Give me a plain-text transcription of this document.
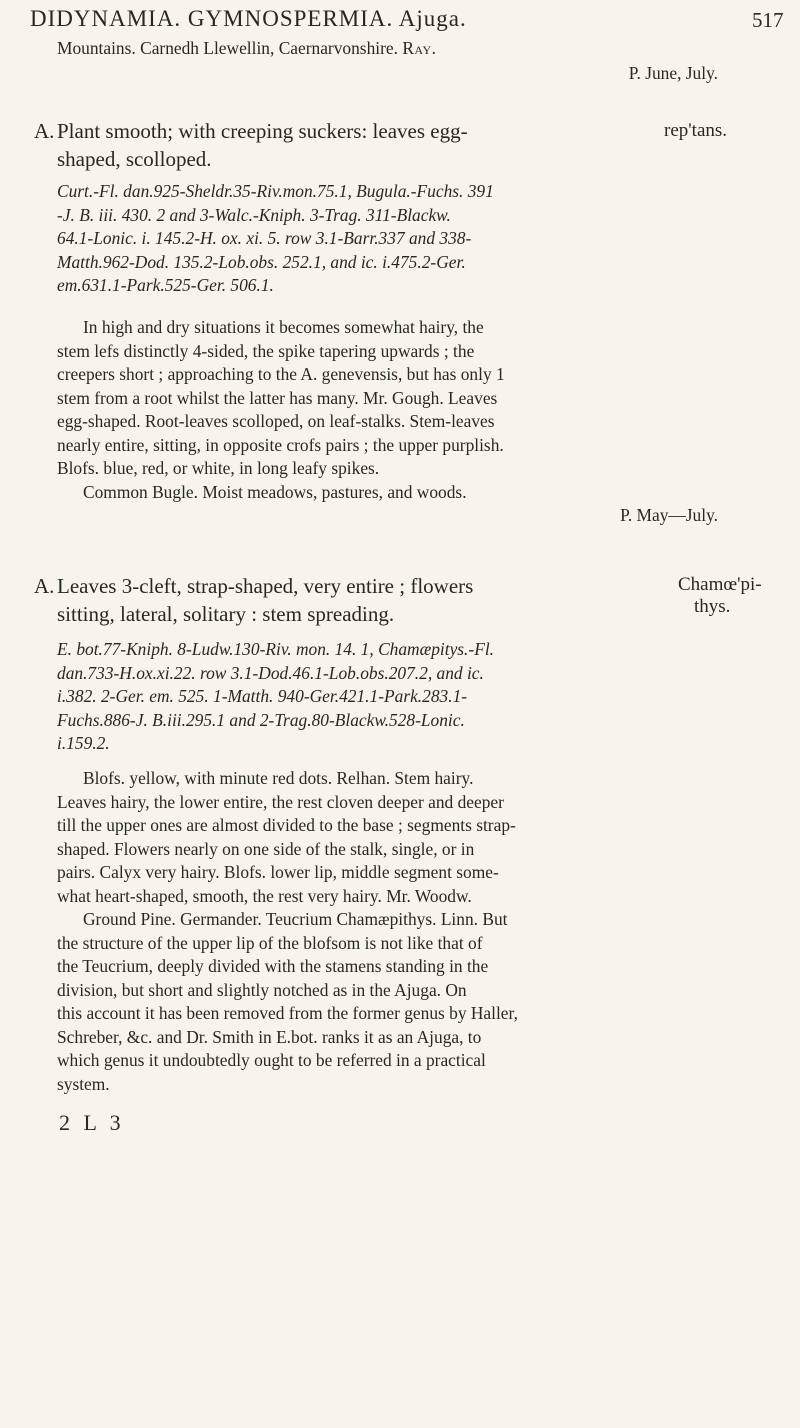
DIDYNAMIA. GYMNOSPERMIA. Ajuga.	517
Mountains. Carnedh Llewellin, Caernarvonshire. Ray.
P. June, July.
A. Plant smooth; with creeping suckers: leaves egg-
shaped, scolloped.
rep'tans.
Curt.-Fl. dan.925-Sheldr.35-Riv.mon.75.1, Bugula.-Fuchs. 391
-J. B. iii. 430. 2 and 3-Walc.-Kniph. 3-Trag. 311-Blackw.
64.1-Lonic. i. 145.2-H. ox. xi. 5. row 3.1-Barr.337 and 338-
Matth.962-Dod. 135.2-Lob.obs. 252.1, and ic. i.475.2-Ger.
em.631.1-Park.525-Ger. 506.1.
In high and dry situations it becomes somewhat hairy, the
stem lefs distinctly 4-sided, the spike tapering upwards ; the
creepers short ; approaching to the A. genevensis, but has only 1
stem from a root whilst the latter has many. Mr. Gough. Leaves
egg-shaped. Root-leaves scolloped, on leaf-stalks. Stem-leaves
nearly entire, sitting, in opposite crofs pairs ; the upper purplish.
Blofs. blue, red, or white, in long leafy spikes.
Common Bugle. Moist meadows, pastures, and woods.
P. May—July.
A. Leaves 3-cleft, strap-shaped, very entire ; flowers
sitting, lateral, solitary : stem spreading.
Chamœ'pi-
thys.
E. bot.77-Kniph. 8-Ludw.130-Riv. mon. 14. 1, Chamæpitys.-Fl.
dan.733-H.ox.xi.22. row 3.1-Dod.46.1-Lob.obs.207.2, and ic.
i.382. 2-Ger. em. 525. 1-Matth. 940-Ger.421.1-Park.283.1-
Fuchs.886-J. B.iii.295.1 and 2-Trag.80-Blackw.528-Lonic.
i.159.2.
Blofs. yellow, with minute red dots. Relhan. Stem hairy.
Leaves hairy, the lower entire, the rest cloven deeper and deeper
till the upper ones are almost divided to the base ; segments strap-
shaped. Flowers nearly on one side of the stalk, single, or in
pairs. Calyx very hairy. Blofs. lower lip, middle segment some-
what heart-shaped, smooth, the rest very hairy. Mr. Woodw.
Ground Pine. Germander. Teucrium Chamæpithys. Linn. But
the structure of the upper lip of the blofsom is not like that of
the Teucrium, deeply divided with the stamens standing in the
division, but short and slightly notched as in the Ajuga. On
this account it has been removed from the former genus by Haller,
Schreber, &c. and Dr. Smith in E.bot. ranks it as an Ajuga, to
which genus it undoubtedly ought to be referred in a practical
system.
2 L 3
